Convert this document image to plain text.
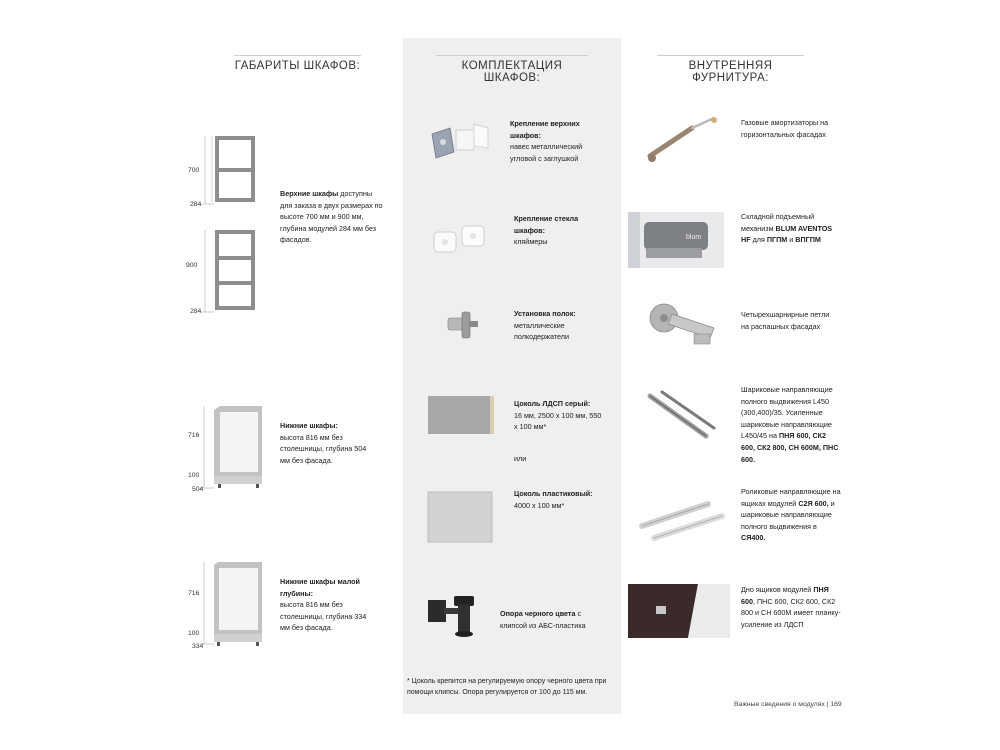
ГАБАРИТЫ ШКАФОВ:	КОМПЛЕКТАЦИЯ ШКАФОВ:
ВНУТРЕННЯЯ ФУРНИТУРА:
700
284
900
284
Верхние шкафы доступны для заказа в двух размерах по высоте 700 мм и 900 мм, глубина модулей 284 мм без фасадов.
716
100
504
Нижние шкафы:
высота 816 мм без столешницы, глубина 504 мм без фасада.
716
100
334
Нижние шкафы малой глубины:
высота 816 мм без столешницы, глубина 334 мм без фасада.
Крепление верхних шкафов:
навес металлический угловой с заглушкой
Крепление стекла шкафов:
кляймеры
Установка полок:
металлические полкодержатели
Цоколь ЛДСП серый:
16 мм, 2500 х 100 мм, 550 х 100 мм*
или
Цоколь пластиковый:
4000 х 100 мм*
Опора черного цвета с клипсой из АБС-пластика
* Цоколь крепится на регулируемую опору черного цвета при помощи клипсы. Опора регулируется от 100 до 115 мм.
Газовые амортизаторы на горизонтальных фасадах
blum
Складной подъемный механизм BLUM AVENTOS HF для ПГПМ и ВПГПМ
Четырехшарнирные петли на распашных фасадах
Шариковые направляющие полного выдвижения L450 (300,400)/35. Усиленные шариковые направляющие L450/45 на ПНЯ 600, СК2 600, СК2 800, СН 600М, ПНС 600.
Роликовые направляющие на ящиках модулей С2Я 600, и шариковые направляющие полного выдвижения в СЯ400.
Дно ящиков модулей ПНЯ 600, ПНС 600, СК2 600, СК2 800 и СН 600М имеет планку-усиление из ЛДСП
Важные сведения о модулях | 169
